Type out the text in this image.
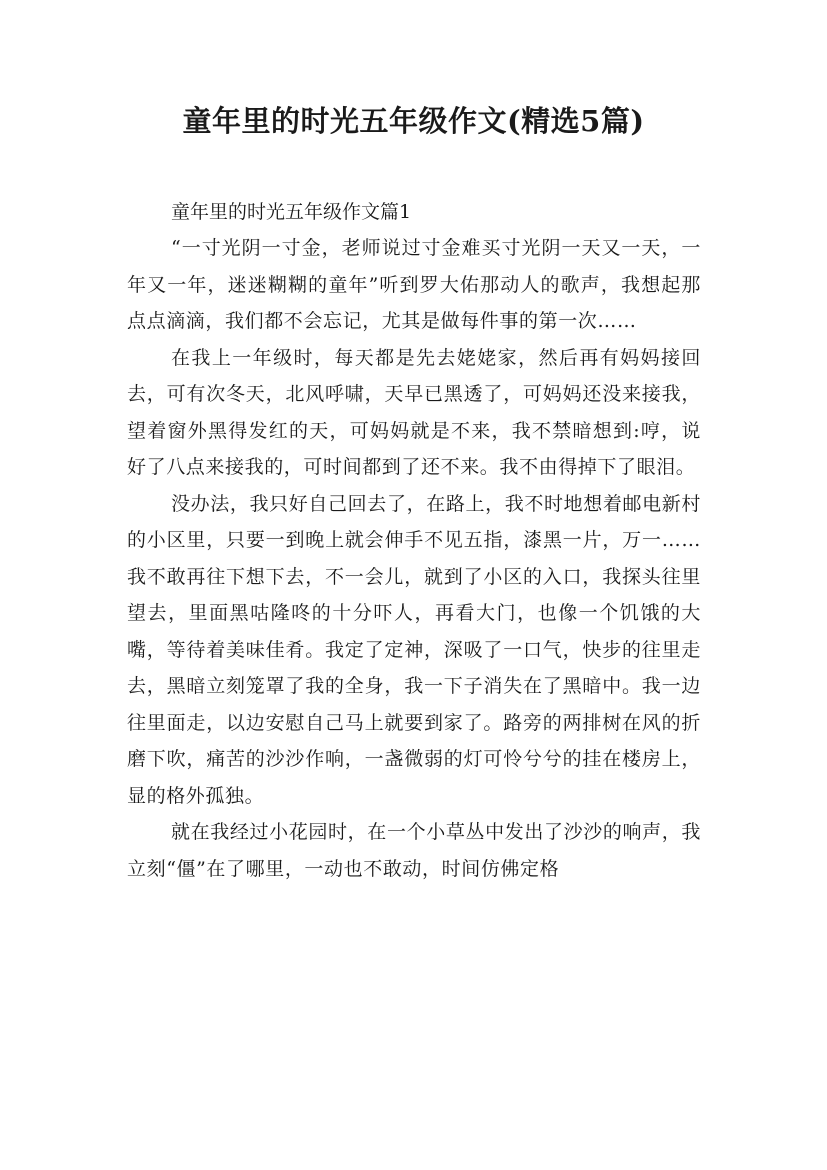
童年里的时光五年级作文(精选5篇)

童年里的时光五年级作文篇1

“一寸光阴一寸金，老师说过寸金难买寸光阴一天又一天，一年又一年，迷迷糊糊的童年”听到罗大佑那动人的歌声，我想起那点点滴滴，我们都不会忘记，尤其是做每件事的第一次……

在我上一年级时，每天都是先去姥姥家，然后再有妈妈接回去，可有次冬天，北风呼啸，天早已黑透了，可妈妈还没来接我，望着窗外黑得发红的天，可妈妈就是不来，我不禁暗想到:哼，说好了八点来接我的，可时间都到了还不来。我不由得掉下了眼泪。

没办法，我只好自己回去了，在路上，我不时地想着邮电新村的小区里，只要一到晚上就会伸手不见五指，漆黑一片，万一……我不敢再往下想下去，不一会儿，就到了小区的入口，我探头往里望去，里面黑咕隆咚的十分吓人，再看大门，也像一个饥饿的大嘴，等待着美味佳肴。我定了定神，深吸了一口气，快步的往里走去，黑暗立刻笼罩了我的全身，我一下子消失在了黑暗中。我一边往里面走，以边安慰自己马上就要到家了。路旁的两排树在风的折磨下吹，痛苦的沙沙作响，一盏微弱的灯可怜兮兮的挂在楼房上，显的格外孤独。

就在我经过小花园时，在一个小草丛中发出了沙沙的响声，我立刻“僵”在了哪里，一动也不敢动，时间仿佛定格
